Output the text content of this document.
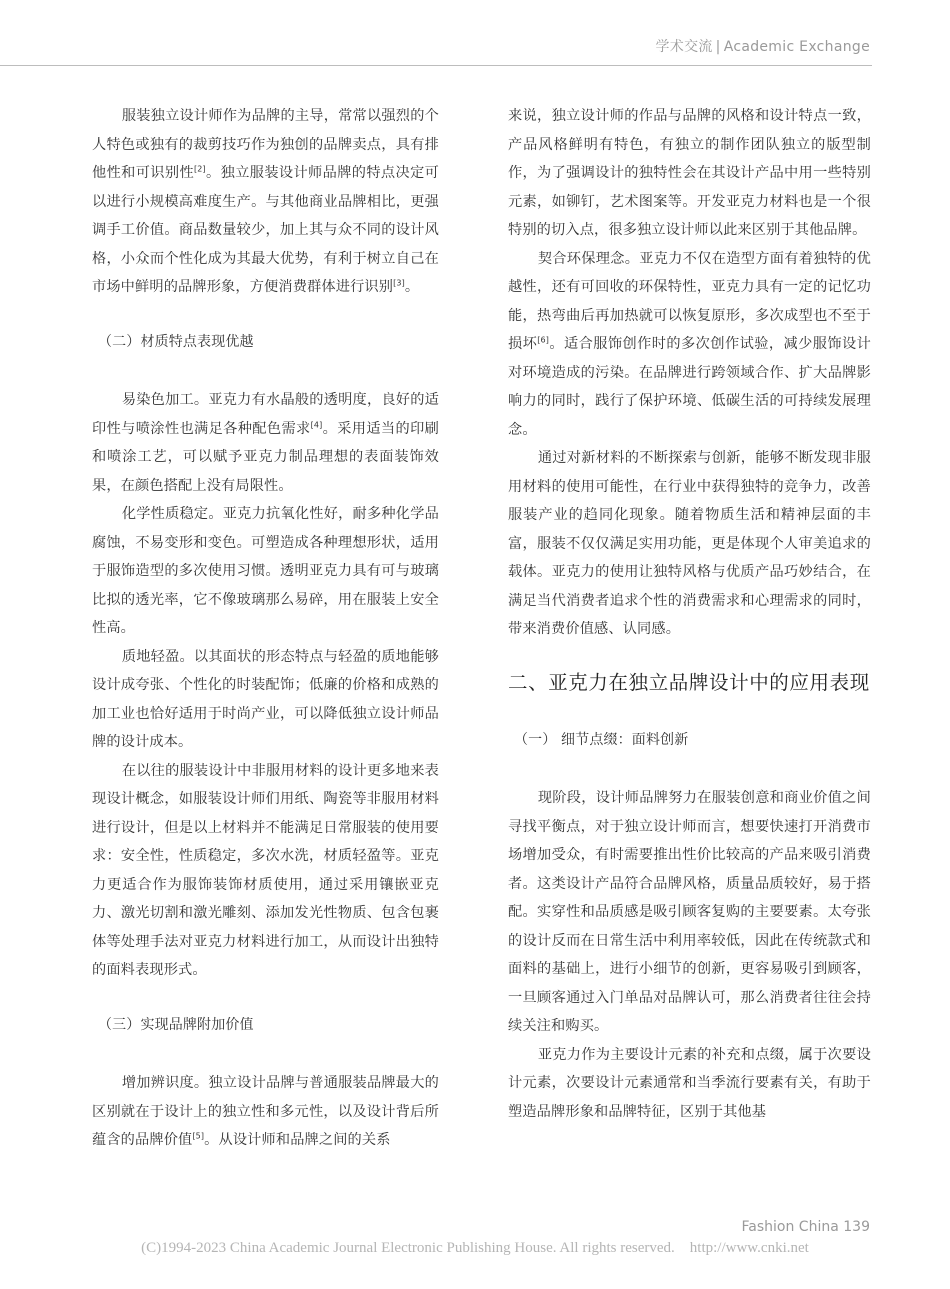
学术交流 | Academic Exchange

服装独立设计师作为品牌的主导，常常以强烈的个人特色或独有的裁剪技巧作为独创的品牌卖点，具有排他性和可识别性[2]。独立服装设计师品牌的特点决定可以进行小规模高难度生产。与其他商业品牌相比，更强调手工价值。商品数量较少，加上其与众不同的设计风格，小众而个性化成为其最大优势，有利于树立自己在市场中鲜明的品牌形象，方便消费群体进行识别[3]。

（二）材质特点表现优越

易染色加工。亚克力有水晶般的透明度，良好的适印性与喷涂性也满足各种配色需求[4]。采用适当的印刷和喷涂工艺，可以赋予亚克力制品理想的表面装饰效果，在颜色搭配上没有局限性。

化学性质稳定。亚克力抗氧化性好，耐多种化学品腐蚀，不易变形和变色。可塑造成各种理想形状，适用于服饰造型的多次使用习惯。透明亚克力具有可与玻璃比拟的透光率，它不像玻璃那么易碎，用在服装上安全性高。

质地轻盈。以其面状的形态特点与轻盈的质地能够设计成夸张、个性化的时装配饰；低廉的价格和成熟的加工业也恰好适用于时尚产业，可以降低独立设计师品牌的设计成本。

在以往的服装设计中非服用材料的设计更多地来表现设计概念，如服装设计师们用纸、陶瓷等非服用材料进行设计，但是以上材料并不能满足日常服装的使用要求：安全性，性质稳定，多次水洗，材质轻盈等。亚克力更适合作为服饰装饰材质使用，通过采用镶嵌亚克力、激光切割和激光雕刻、添加发光性物质、包含包裹体等处理手法对亚克力材料进行加工，从而设计出独特的面料表现形式。

（三）实现品牌附加价值

增加辨识度。独立设计品牌与普通服装品牌最大的区别就在于设计上的独立性和多元性，以及设计背后所蕴含的品牌价值[5]。从设计师和品牌之间的关系

来说，独立设计师的作品与品牌的风格和设计特点一致，产品风格鲜明有特色，有独立的制作团队独立的版型制作，为了强调设计的独特性会在其设计产品中用一些特别元素，如铆钉，艺术图案等。开发亚克力材料也是一个很特别的切入点，很多独立设计师以此来区别于其他品牌。

契合环保理念。亚克力不仅在造型方面有着独特的优越性，还有可回收的环保特性，亚克力具有一定的记忆功能，热弯曲后再加热就可以恢复原形，多次成型也不至于损坏[6]。适合服饰创作时的多次创作试验，减少服饰设计对环境造成的污染。在品牌进行跨领域合作、扩大品牌影响力的同时，践行了保护环境、低碳生活的可持续发展理念。

通过对新材料的不断探索与创新，能够不断发现非服用材料的使用可能性，在行业中获得独特的竞争力，改善服装产业的趋同化现象。随着物质生活和精神层面的丰富，服装不仅仅满足实用功能，更是体现个人审美追求的载体。亚克力的使用让独特风格与优质产品巧妙结合，在满足当代消费者追求个性的消费需求和心理需求的同时，带来消费价值感、认同感。

二、亚克力在独立品牌设计中的应用表现

（一） 细节点缀：面料创新

现阶段，设计师品牌努力在服装创意和商业价值之间寻找平衡点，对于独立设计师而言，想要快速打开消费市场增加受众，有时需要推出性价比较高的产品来吸引消费者。这类设计产品符合品牌风格，质量品质较好，易于搭配。实穿性和品质感是吸引顾客复购的主要要素。太夸张的设计反而在日常生活中利用率较低，因此在传统款式和面料的基础上，进行小细节的创新，更容易吸引到顾客，一旦顾客通过入门单品对品牌认可，那么消费者往往会持续关注和购买。

亚克力作为主要设计元素的补充和点缀，属于次要设计元素，次要设计元素通常和当季流行要素有关，有助于塑造品牌形象和品牌特征，区别于其他基

Fashion China 139
(C)1994-2023 China Academic Journal Electronic Publishing House. All rights reserved.    http://www.cnki.net
